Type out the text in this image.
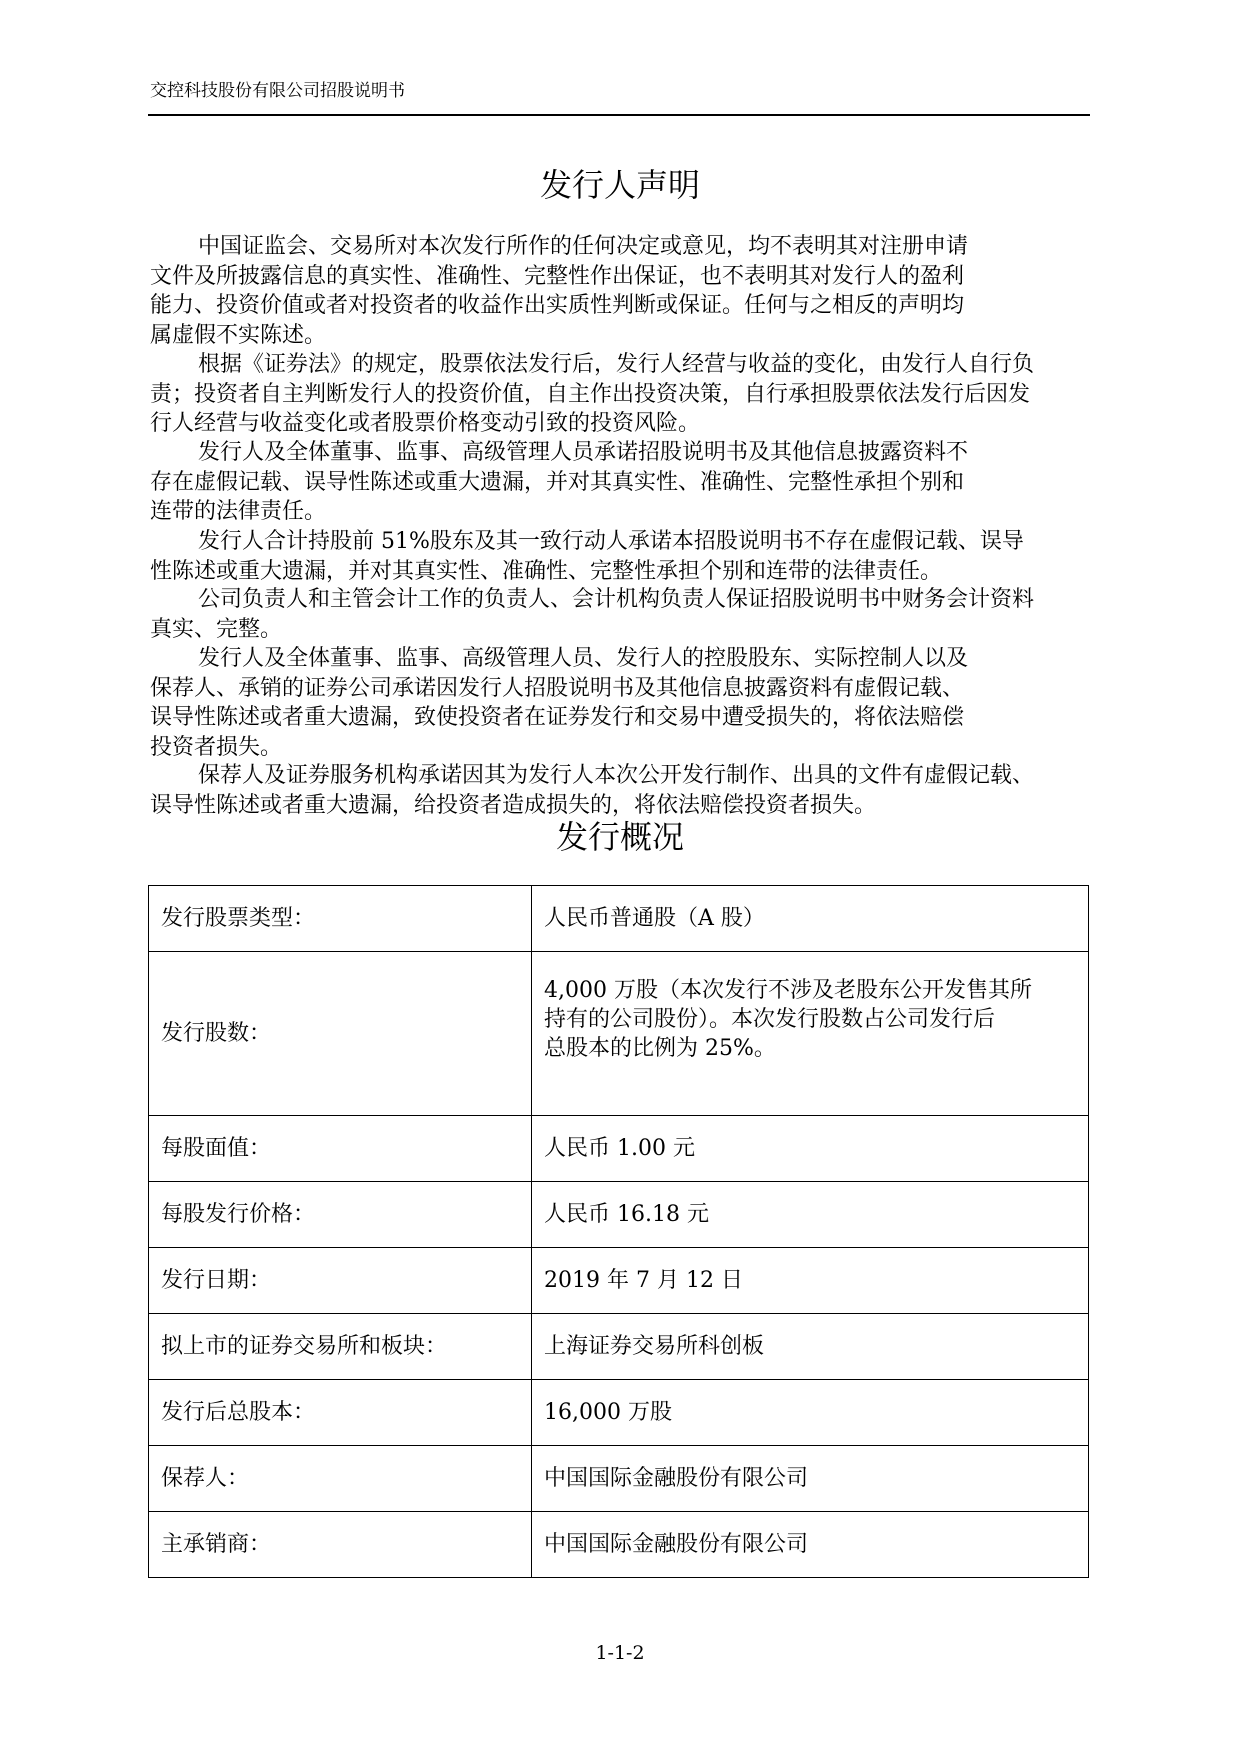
交控科技股份有限公司招股说明书
发行人声明
中国证监会、交易所对本次发行所作的任何决定或意见，均不表明其对注册申请
文件及所披露信息的真实性、准确性、完整性作出保证，也不表明其对发行人的盈利
能力、投资价值或者对投资者的收益作出实质性判断或保证。任何与之相反的声明均
属虚假不实陈述。
根据《证券法》的规定，股票依法发行后，发行人经营与收益的变化，由发行人自行负
责；投资者自主判断发行人的投资价值，自主作出投资决策，自行承担股票依法发行后因发
行人经营与收益变化或者股票价格变动引致的投资风险。
发行人及全体董事、监事、高级管理人员承诺招股说明书及其他信息披露资料不
存在虚假记载、误导性陈述或重大遗漏，并对其真实性、准确性、完整性承担个别和
连带的法律责任。
发行人合计持股前 51%股东及其一致行动人承诺本招股说明书不存在虚假记载、误导
性陈述或重大遗漏，并对其真实性、准确性、完整性承担个别和连带的法律责任。
公司负责人和主管会计工作的负责人、会计机构负责人保证招股说明书中财务会计资料
真实、完整。
发行人及全体董事、监事、高级管理人员、发行人的控股股东、实际控制人以及
保荐人、承销的证券公司承诺因发行人招股说明书及其他信息披露资料有虚假记载、
误导性陈述或者重大遗漏，致使投资者在证券发行和交易中遭受损失的，将依法赔偿
投资者损失。
保荐人及证券服务机构承诺因其为发行人本次公开发行制作、出具的文件有虚假记载、
误导性陈述或者重大遗漏，给投资者造成损失的，将依法赔偿投资者损失。
发行概况
发行股票类型：	人民币普通股（A 股）
发行股数：	4,000 万股（本次发行不涉及老股东公开发售其所
持有的公司股份）。本次发行股数占公司发行后
总股本的比例为 25%。
每股面值：	人民币 1.00 元
每股发行价格：	人民币 16.18 元
发行日期：	2019 年 7 月 12 日
拟上市的证券交易所和板块：	上海证券交易所科创板
发行后总股本：	16,000 万股
保荐人：	中国国际金融股份有限公司
主承销商：	中国国际金融股份有限公司
1-1-2
